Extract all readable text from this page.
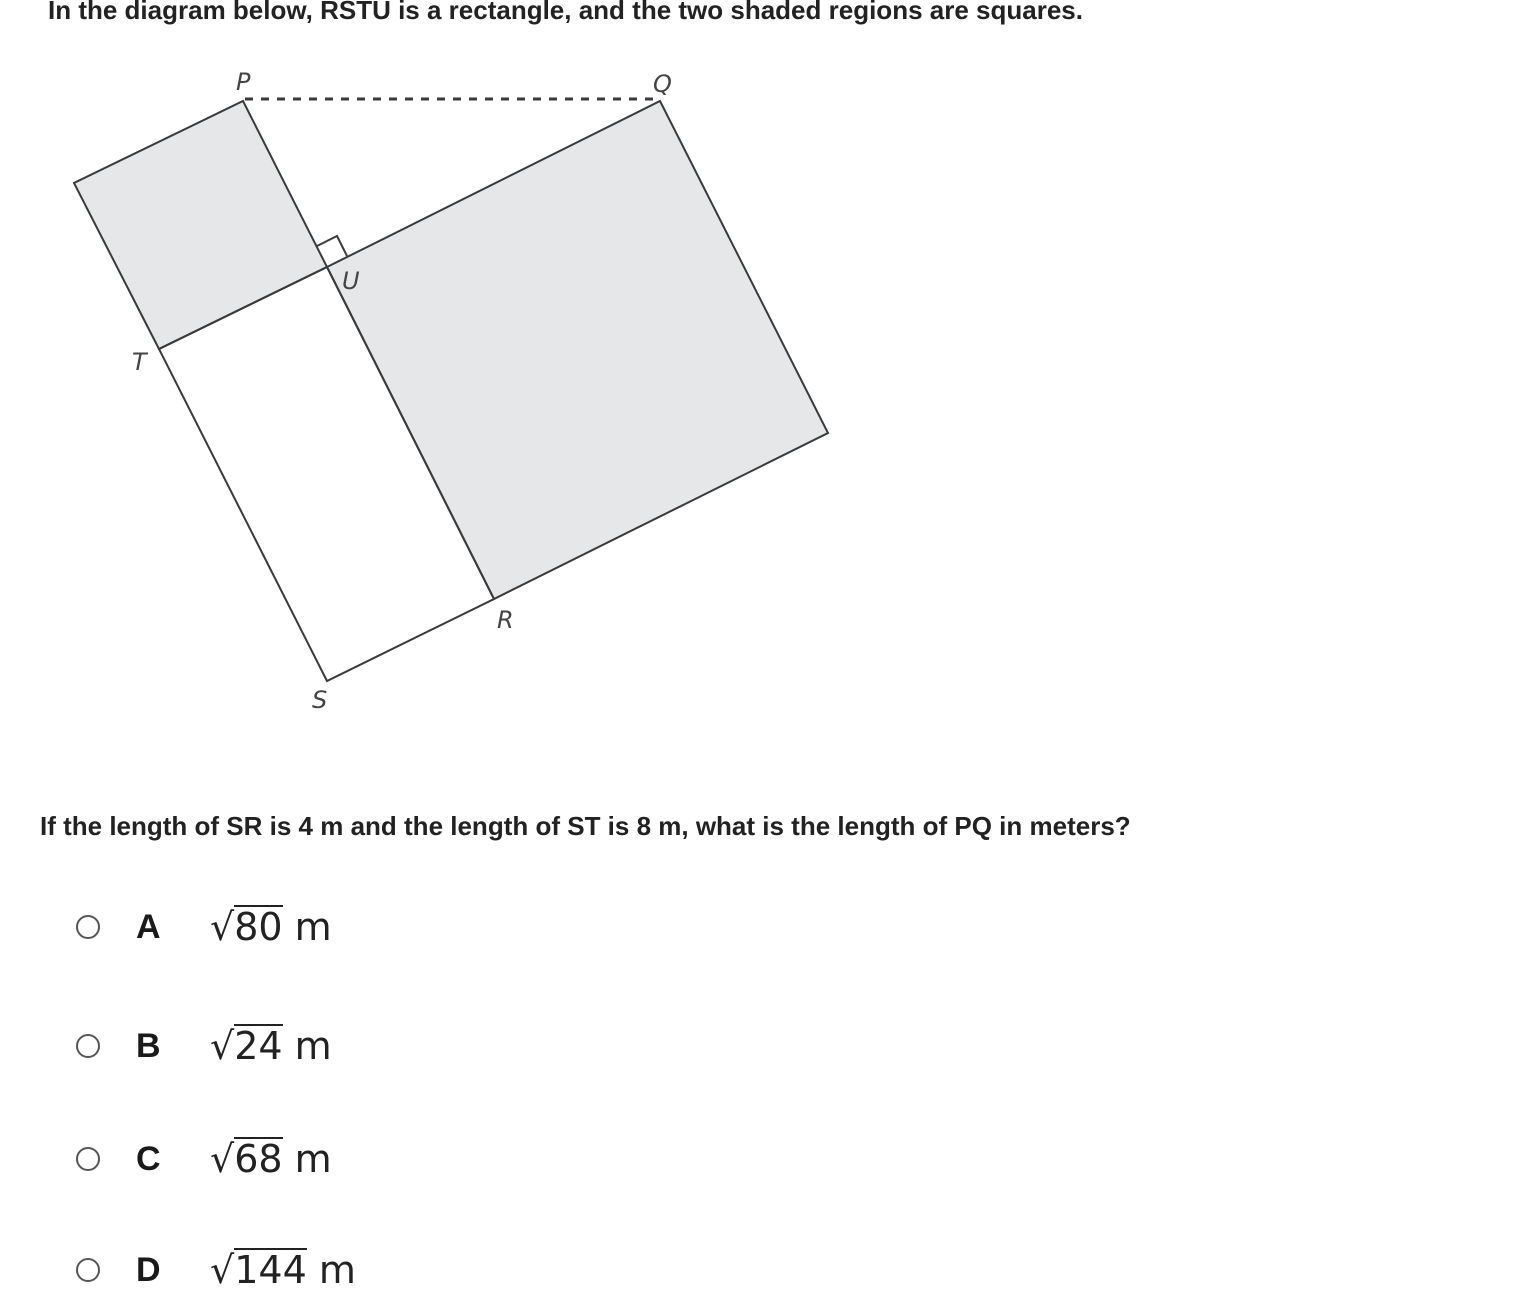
In the diagram below, RSTU is a rectangle, and the two shaded regions are squares.
P	Q
U
T
R
S
If the length of SR is 4 m and the length of ST is 8 m, what is the length of PQ in meters?
A √80 m
B √24 m
C √68 m
D √144 m
